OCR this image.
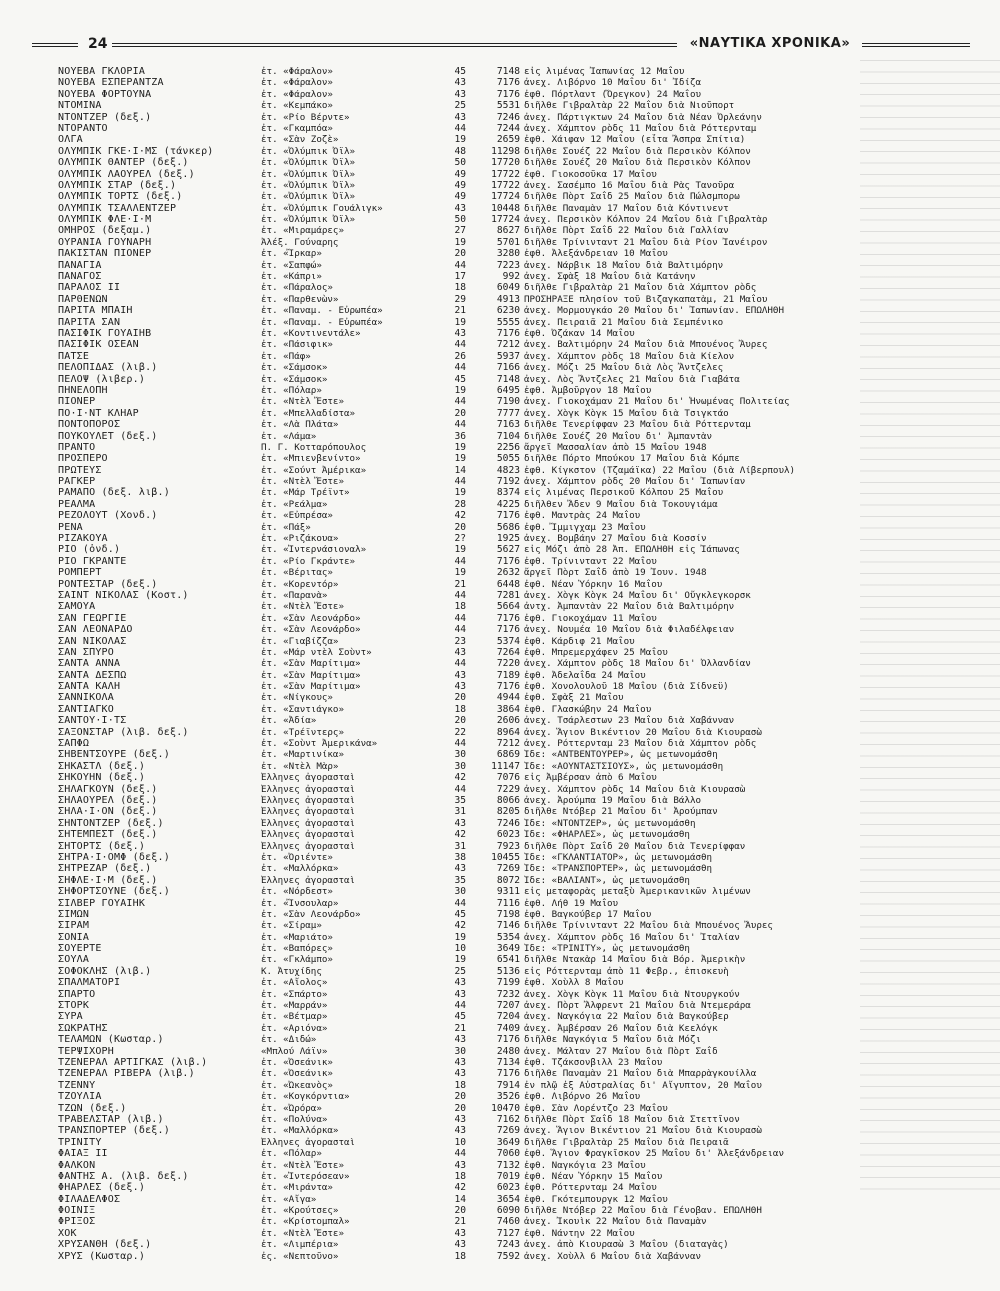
24	«ΝΑΥΤΙΚΑ ΧΡΟΝΙΚΑ»
ΝΟΥΕΒΑ ΓΚΛΟΡΙΑ	ἐτ. «Φάραλον»	45	7148 εἰς λιμένας Ἰαπωνίας 12 Μαΐου
ΝΟΥΕΒΑ ΕΣΠΕΡΑΝΤΖΑ	ἐτ. «Φάραλον»	43	7176 ἀνεχ. Λιβόρνο 10 Μαΐου δι' Ἰδίζα
ΝΟΥΕΒΑ ΦΟΡΤΟΥΝΑ	ἐτ. «Φάραλον»	43	7176 ἐφθ. Πόρτλαντ (Ὄρεγκον) 24 Μαΐου
ΝΤΟΜΙΝΑ	ἐτ. «Κεμπάκο»	25	5531 διῆλθε Γιβραλτὰρ 22 Μαΐου διὰ Νιοῦπορτ
ΝΤΟΝΤΖΕΡ (δεξ.)	ἐτ. «Ρίο Βέρντε»	43	7246 ἀνεχ. Πάρτιγκτων 24 Μαΐου διὰ Νέαν Ὀρλεάνην
ΝΤΟΡΑΝΤΟ	ἐτ. «Γκαμπόα»	44	7244 ἀνεχ. Χάμπτον ρὸδς 11 Μαΐου διὰ Ρόττερνταμ
ΟΛΓΑ	ἐτ. «Σὰν Ζοζὲ»	19	2659 ἐφθ. Χάιφαν 12 Μαΐου (εἶτα Ἄσπρα Σπίτια)
ΟΛΥΜΠΙΚ ΓΚΕ·Ι·ΜΣ (τάνκερ)	ἐτ. «Ὀλύμπικ Ὀϊλ»	48	11298 διῆλθε Σουέζ 22 Μαΐου διὰ Περσικὸν Κόλπον
ΟΛΥΜΠΙΚ ΘΑΝΤΕΡ (δεξ.)	ἐτ. «Ὀλύμπικ Ὀϊλ»	50	17720 διῆλθε Σουέζ 20 Μαΐου διὰ Περσικὸν Κόλπον
ΟΛΥΜΠΙΚ ΛΑΟΥΡΕΛ (δεξ.)	ἐτ. «Ὀλύμπικ Ὀϊλ»	49	17722 ἐφθ. Γιοκοσοῦκα 17 Μαΐου
ΟΛΥΜΠΙΚ ΣΤΑΡ (δεξ.)	ἐτ. «Ὀλύμπικ Ὀϊλ»	49	17722 ἀνεχ. Σασέμπο 16 Μαΐου διὰ Ρὰς Τανοῦρα
ΟΛΥΜΠΙΚ ΤΟΡΤΣ (δεξ.)	ἐτ. «Ὀλύμπικ Ὀϊλ»	49	17724 διῆλθε Πὸρτ Σαΐδ 25 Μαΐου διὰ Πώλσμπορω
ΟΛΥΜΠΙΚ ΤΣΑΛΛΕΝΤΖΕΡ	ἐτ. «Ὀλύμπικ Γουάλιγκ»	43	10448 διῆλθε Παναμὰν 17 Μαΐου διὰ Κόντινεντ
ΟΛΥΜΠΙΚ ΦΛΕ·Ι·Μ	ἐτ. «Ὀλύμπικ Ὀϊλ»	50	17724 ἀνεχ. Περσικὸν Κόλπον 24 Μαΐου διὰ Γιβραλτὰρ
ΟΜΗΡΟΣ (δεξαμ.)	ἐτ. «Μιραμάρες»	27	8627 διῆλθε Πὸρτ Σαΐδ 22 Μαΐου διὰ Γαλλίαν
ΟΥΡΑΝΙΑ ΓΟΥΝΑΡΗ	Ἀλέξ. Γούναρης	19	5701 διῆλθε Τρίνινταντ 21 Μαΐου διὰ Ρίον Ἰανέιρον
ΠΑΚΙΣΤΑΝ ΠΙΟΝΕΡ	ἐτ. «Ἴρκαρ»	20	3280 ἐφθ. Ἀλεξάνδρειαν 10 Μαΐου
ΠΑΝΑΓΙΑ	ἐτ. «Σαπφώ»	44	7223 ἀνεχ. Νάρβικ 18 Μαΐου διὰ Βαλτιμόρην
ΠΑΝΑΓΟΣ	ἐτ. «Κάπρι»	17	992 ἀνεχ. Σφὰξ 18 Μαΐου διὰ Κατάνην
ΠΑΡΑΛΟΣ ΙΙ	ἐτ. «Πάραλος»	18	6049 διῆλθε Γιβραλτὰρ 21 Μαΐου διὰ Χάμπτον ρὸδς
ΠΑΡΘΕΝΩΝ	ἐτ. «Παρθενὼν»	29	4913 ΠΡΟΣΗΡΑΞΕ πλησίον τοῦ Βιζαγκαπατὰμ, 21 Μαΐου
ΠΑΡΙΤΑ ΜΠΑΙΗ	ἐτ. «Παναμ. - Εὐρωπέα»	21	6230 ἀνεχ. Μορμουγκάο 20 Μαΐου δι' Ἰαπωνίαν. ΕΠΩΛΗΘΗ
ΠΑΡΙΤΑ ΣΑΝ	ἐτ. «Παναμ. - Εὐρωπέα»	19	5555 ἀνεχ. Πειραιᾶ 21 Μαΐου διὰ Σεμπένικο
ΠΑΣΙΦΙΚ ΓΟΥΑΙΗΒ	ἐτ. «Κοντινεντάλε»	43	7176 ἐφθ. Ὀζάκαν 14 Μαΐου
ΠΑΣΙΦΙΚ ΟΣΕΑΝ	ἐτ. «Πάσιφικ»	44	7212 ἀνεχ. Βαλτιμόρην 24 Μαΐου διὰ Μπουένος Ἄυρες
ΠΑΤΣΕ	ἐτ. «Πάφ»	26	5937 ἀνεχ. Χάμπτον ρὸδς 18 Μαΐου διὰ Κίελον
ΠΕΛΟΠΙΔΑΣ (λιβ.)	ἐτ. «Σάμσοκ»	44	7166 ἀνεχ. Μόζι 25 Μαΐου διὰ Λὸς Ἄντζελες
ΠΕΛΟΨ (λιβερ.)	ἐτ. «Σάμσοκ»	45	7148 ἀνεχ. Λὸς Ἄντζελες 21 Μαΐου διὰ Γιαβάτα
ΠΗΝΕΛΟΠΗ	ἐτ. «Πόλαρ»	19	6495 ἐφθ. Ἀμβοῦργον 18 Μαΐου
ΠΙΟΝΕΡ	ἐτ. «Ντὲλ Ἔστε»	44	7190 ἀνεχ. Γιοκοχάμαν 21 Μαΐου δι' Ἡνωμένας Πολιτείας
ΠΟ·Ι·ΝΤ ΚΛΗΑΡ	ἐτ. «Μπελλαδίστα»	20	7777 ἀνεχ. Χὸγκ Κὸγκ 15 Μαΐου διὰ Τσιγκτάο
ΠΟΝΤΟΠΟΡΟΣ	ἐτ. «Λὰ Πλάτα»	44	7163 διῆλθε Τενερίφφαν 23 Μαΐου διὰ Ρόττερνταμ
ΠΟΥΚΟΥΛΕΤ (δεξ.)	ἐτ. «Λάμα»	36	7104 διῆλθε Σουέζ 20 Μαΐου δι' Ἀμπαντὰν
ΠΡΑΝΤΟ	Π. Γ. Κοτταρόπουλος	19	2256 ἄργεῖ Μασσαλίαν ἀπὸ 15 Μαΐου 1948
ΠΡΟΣΠΕΡΟ	ἐτ. «Μπιενβενίντο»	19	5055 διῆλθε Πόρτο Μπούκου 17 Μαΐου διὰ Κόμπε
ΠΡΩΤΕΥΣ	ἐτ. «Σούντ Ἀμέρικα»	14	4823 ἐφθ. Κίγκστον (Τζαμάϊκα) 22 Μαΐου (διὰ Λίβερπουλ)
ΡΑΓΚΕΡ	ἐτ. «Ντὲλ Ἔστε»	44	7192 ἀνεχ. Χάμπτον ρὸδς 20 Μαΐου δι' Ἰαπωνίαν
ΡΑΜΑΠΟ (δεξ. λιβ.)	ἐτ. «Μάρ Τρέϊντ»	19	8374 εἰς λιμένας Περσικοῦ Κόλπου 25 Μαΐου
ΡΕΑΛΜΑ	ἐτ. «Ρεάλμα»	28	4225 διῆλθεν Ἄδεν 9 Μαΐου διὰ Τοκουγιάμα
ΡΕΖΟΛΟΥΤ (Χονδ.)	ἐτ. «Εὐπρέσα»	42	7176 ἐφθ. Μαντρὰς 24 Μαΐου
ΡΕΝΑ	ἐτ. «Πάξ»	20	5686 ἐφθ. Ἴμμιγχαμ 23 Μαΐου
ΡΙΖΑΚΟΥΑ	ἐτ. «Ριζάκουα»	2?	1925 ἀνεχ. Βομβάην 27 Μαΐου διὰ Κοσσίν
ΡΙΟ (ὀνδ.)	ἐτ. «Ἰντερνάσιοναλ»	19	5627 εἰς Μόζι ἀπὸ 28 Ἀπ. ΕΠΩΛΗΘΗ εἰς Ἰάπωνας
ΡΙΟ ΓΚΡΑΝΤΕ	ἐτ. «Ρίο Γκράντε»	44	7176 ἐφθ. Τρίνινταντ 22 Μαΐου
ΡΟΜΠΕΡΤ	ἐτ. «Βέριτας»	19	2632 ἄργεῖ Πὸρτ Σαΐδ ἀπὸ 19 Ἰουν. 1948
ΡΟΝΤΕΣΤΑΡ (δεξ.)	ἐτ. «Κορεντόρ»	21	6448 ἐφθ. Νέαν Ὑόρκην 16 Μαΐου
ΣΑΙΝΤ ΝΙΚΟΛΑΣ (Κοστ.)	ἐτ. «Παρανὰ»	44	7281 ἀνεχ. Χὸγκ Κὸγκ 24 Μαΐου δι' Οὔγκλεγκορσκ
ΣΑΜΟΥΑ	ἐτ. «Ντὲλ Ἔστε»	18	5664 ἀντχ. Ἀμπαντὰν 22 Μαΐου διὰ Βαλτιμόρην
ΣΑΝ ΓΕΩΡΓΙΕ	ἐτ. «Σὰν Λεονάρδο»	44	7176 ἐφθ. Γιοκοχάμαν 11 Μαΐου
ΣΑΝ ΛΕΟΝΑΡΔΟ	ἐτ. «Σὰν Λεονάρδο»	44	7176 ἀνεχ. Νουμέα 10 Μαΐου διὰ Φιλαδέλφειαν
ΣΑΝ ΝΙΚΟΛΑΣ	ἐτ. «Γιαβίζζα»	23	5374 ἐφθ. Κάρδιφ 21 Μαΐου
ΣΑΝ ΣΠΥΡΟ	ἐτ. «Μάρ ντὲλ Σοὺντ»	43	7264 ἐφθ. Μπρεμερχάφεν 25 Μαΐου
ΣΑΝΤΑ ΑΝΝΑ	ἐτ. «Σὰν Μαρίτιμα»	44	7220 ἀνεχ. Χάμπτον ρὸδς 18 Μαΐου δι' Ὀλλανδίαν
ΣΑΝΤΑ ΔΕΣΠΩ	ἐτ. «Σὰν Μαρίτιμα»	43	7189 ἐφθ. Ἀδελαΐδα 24 Μαΐου
ΣΑΝΤΑ ΚΑΛΗ	ἐτ. «Σὰν Μαρίτιμα»	43	7176 ἐφθ. Χονολουλοῦ 18 Μαΐου (διὰ Σίδνεϋ)
ΣΑΝΝΙΚΟΛΑ	ἐτ. «Νίγκους»	20	4944 ἐφθ. Σφὰξ 21 Μαΐου
ΣΑΝΤΙΑΓΚΟ	ἐτ. «Σαντιάγκο»	18	3864 ἐφθ. Γλασκώβην 24 Μαΐου
ΣΑΝΤΟΥ·Ι·ΤΣ	ἐτ. «Ἀδία»	20	2606 ἀνεχ. Τσάρλεστων 23 Μαΐου διὰ Χαβάνναν
ΣΑΞΟΝΣΤΑΡ (λιβ. δεξ.)	ἐτ. «Τρέϊντερς»	22	8964 ἀνεχ. Ἅγιον Βικέντιον 20 Μαΐου διὰ Κιουρασὼ
ΣΑΠΦΩ	ἐτ. «Σοὺντ Ἀμερικάνα»	44	7212 ἀνεχ. Ρόττερνταμ 23 Μαΐου διὰ Χάμπτον ρὸδς
ΣΗΒΕΝΤΣΟΥΡΕ (δεξ.)	ἐτ. «Μαρτινίκα»	30	6869 Ἴδε: «ΑΝΤΒΕΝΤΟΥΡΕΡ», ὡς μετωνομάσθη
ΣΗΚΑΣΤΛ (δεξ.)	ἐτ. «Ντὲλ Μὰρ»	30	11147 Ἴδε: «ΑΟΥΝΤΑΣΤΣΙΟΥΣ», ὡς μετωνομάσθη
ΣΗΚΟΥΗΝ (δεξ.)	Ἕλληνες ἀγορασταὶ	42	7076 εἰς Ἀμβέρσαν ἀπὸ 6 Μαΐου
ΣΗΛΑΓΚΟΥΝ (δεξ.)	Ἕλληνες ἀγορασταὶ	44	7229 ἀνεχ. Χάμπτον ρὸδς 14 Μαΐου διὰ Κιουρασὼ
ΣΗΛΑΟΥΡΕΛ (δεξ.)	Ἕλληνες ἀγορασταὶ	35	8066 ἀνεχ. Ἀρούμπα 19 Μαΐου διὰ Βάλλο
ΣΗΛΑ·Ι·ΟΝ (δεξ.)	Ἕλληνες ἀγορασταὶ	31	8205 διῆλθε Ντόβερ 21 Μαΐου δι' Ἀρούμπαν
ΣΗΝΤΟΝΤΖΕΡ (δεξ.)	Ἕλληνες ἀγορασταὶ	43	7246 Ἴδε: «ΝΤΟΝΤΖΕΡ», ὡς μετωνομάσθη
ΣΗΤΕΜΠΕΣΤ (δεξ.)	Ἕλληνες ἀγορασταὶ	42	6023 Ἴδε: «ΦΗΑΡΛΕΣ», ὡς μετωνομάσθη
ΣΗΤΟΡΤΣ (δεξ.)	Ἕλληνες ἀγορασταὶ	31	7923 διῆλθε Πὸρτ Σαΐδ 20 Μαΐου διὰ Τενερίφφαν
ΣΗΤΡΑ·Ι·ΟΜΦ (δεξ.)	ἐτ. «Ὀριέντε»	38	10455 Ἴδε: «ΓΚΛΑΝΤΙΑΤΟΡ», ὡς μετωνομάσθη
ΣΗΤΡΕΖΑΡ (δεξ.)	ἐτ. «Μαλλόρκα»	43	7269 Ἴδε: «ΤΡΑΝΣΠΟΡΤΕΡ», ὡς μετωνομάσθη
ΣΗΦΛΕ·Ι·Μ (δεξ.)	Ἕλληνες ἀγορασταὶ	35	8072 Ἴδε: «ΒΑΛΙΑΝΤ», ὡς μετωνομάσθη
ΣΗΦΟΡΤΣΟΥΝΕ (δεξ.)	ἐτ. «Νόρδεστ»	30	9311 εἰς μεταφορὰς μεταξὺ Ἀμερικανικῶν λιμένων
ΣΙΛΒΕΡ ΓΟΥΑΙΗΚ	ἐτ. «Ἴνσουλαρ»	44	7116 ἐφθ. Λήθ 19 Μαΐου
ΣΙΜΩΝ	ἐτ. «Σὰν Λεονάρδο»	45	7198 ἐφθ. Βαγκούβερ 17 Μαΐου
ΣΙΡΑΜ	ἐτ. «Σίραμ»	42	7146 διῆλθε Τρίνινταντ 22 Μαΐου διὰ Μπουένος Ἄυρες
ΣΟΝΙΑ	ἐτ. «Μαριάτο»	19	5354 ἀνεχ. Χάμπτον ρὸδς 16 Μαΐου δι' Ἰταλίαν
ΣΟΥΕΡΤΕ	ἐτ. «Βαπόρες»	10	3649 Ἴδε: «ΤΡΙΝΙΤΥ», ὡς μετωνομάσθη
ΣΟΥΛΑ	ἐτ. «Γκλάμπο»	19	6541 διῆλθε Ντακὰρ 14 Μαΐου διὰ Βόρ. Ἀμερικὴν
ΣΟΦΟΚΛΗΣ (λιβ.)	Κ. Ἀτυχίδης	25	5136 εἰς Ρόττερνταμ ἀπὸ 11 Φεβρ., ἐπισκευὴ
ΣΠΑΛΜΑΤΟΡΙ	ἐτ. «Αἴολος»	43	7199 ἐφθ. Χοὺλλ 8 Μαΐου
ΣΠΑΡΤΟ	ἐτ. «Σπάρτο»	43	7232 ἀνεχ. Χὸγκ Κὸγκ 11 Μαΐου διὰ Ντουργκούν
ΣΤΟΡΚ	ἐτ. «Μαρράν»	44	7207 ἀνεχ. Πὸρτ Ἄλφρεντ 21 Μαΐου διὰ Ντεμεράρα
ΣΥΡΑ	ἐτ. «Βέτμαρ»	45	7204 ἀνεχ. Ναγκόγια 22 Μαΐου διὰ Βαγκούβερ
ΣΩΚΡΑΤΗΣ	ἐτ. «Αριόνα»	21	7409 ἀνεχ. Ἀμβέρσαν 26 Μαΐου διὰ Κεελόγκ
ΤΕΛΑΜΩΝ (Κωσταρ.)	ἐτ. «Διδώ»	43	7176 διῆλθε Ναγκόγια 5 Μαΐου διὰ Μόζι
ΤΕΡΨΙΧΟΡΗ	«Μπλού Λάϊν»	30	2480 ἀνεχ. Μάλταν 27 Μαΐου διὰ Πὸρτ Σαΐδ
ΤΖΕΝΕΡΑΛ ΑΡΤΙΓΚΑΣ (λιβ.)	ἐτ. «Ὀσεάνικ»	43	7134 ἐφθ. Τζάκσονβιλλ 23 Μαΐου
ΤΖΕΝΕΡΑΛ ΡΙΒΕΡΑ (λιβ.)	ἐτ. «Ὀσεάνικ»	43	7176 διῆλθε Παναμὰν 21 Μαΐου διὰ Μπαρρὰγκουίλλα
ΤΖΕΝΝΥ	ἐτ. «Ὠκεανὸς»	18	7914 ἐν πλῷ ἐξ Αὐστραλίας δι' Αἴγυπτον, 20 Μαΐου
ΤΖΟΥΛΙΑ	ἐτ. «Κογκόρντια»	20	3526 ἐφθ. Λιβόρνο 26 Μαΐου
ΤΖΩΝ (δεξ.)	ἐτ. «Ὠρόρα»	20	10470 ἐφθ. Σὰν Λορέντζο 23 Μαΐου
ΤΡΑΒΕΛΣΤΑΡ (λιβ.)	ἐτ. «Πολύνα»	43	7162 διῆλθε Πὸρτ Σαΐδ 18 Μαΐου διὰ Στεττῖνον
ΤΡΑΝΣΠΟΡΤΕΡ (δεξ.)	ἐτ. «Μαλλόρκα»	43	7269 ἀνεχ. Ἅγιον Βικέντιον 21 Μαΐου διὰ Κιουρασὼ
ΤΡΙΝΙΤΥ	Ἕλληνες ἀγορασταὶ	10	3649 διῆλθε Γιβραλτὰρ 25 Μαΐου διὰ Πειραιᾶ
ΦΑΙΑΞ ΙΙ	ἐτ. «Πόλαρ»	44	7060 ἐφθ. Ἅγιον Φραγκῖσκον 25 Μαΐου δι' Ἀλεξάνδρειαν
ΦΑΛΚΟΝ	ἐτ. «Ντὲλ Ἔστε»	43	7132 ἐφθ. Ναγκόγια 23 Μαΐου
ΦΑΝΤΗΣ Α. (λιβ. δεξ.)	ἐτ. «Ἰντερόσεαν»	18	7019 ἐφθ. Νέαν Ὑόρκην 15 Μαΐου
ΦΗΑΡΛΕΣ (δεξ.)	ἐτ. «Μιράντα»	42	6023 ἐφθ. Ρόττερνταμ 24 Μαΐου
ΦΙΛΑΔΕΛΦΟΣ	ἐτ. «Αἴγα»	14	3654 ἐφθ. Γκότεμπουργκ 12 Μαΐου
ΦΟΙΝΙΞ	ἐτ. «Κρούτσες»	20	6090 διῆλθε Ντόβερ 22 Μαΐου διὰ Γένοβαν. ΕΠΩΛΗΘΗ
ΦΡΙΞΟΣ	ἐτ. «Κρίστομπαλ»	21	7460 ἀνεχ. Ἰκουὶκ 22 Μαΐου διὰ Παναμὰν
ΧΟΚ	ἐτ. «Ντὲλ Ἔστε»	43	7127 ἐφθ. Νάντην 22 Μαΐου
ΧΡΥΣΑΝΘΗ (δεξ.)	ἐτ. «Λιμπέρια»	43	7243 ἀνεχ. ἀπὸ Κιουρασὼ 3 Μαΐου (διαταγὰς)
ΧΡΥΣ (Κωσταρ.)	ἐς. «Νεπτοῦνο»	18	7592 ἀνεχ. Χοὺλλ 6 Μαΐου διὰ Χαβάνναν
